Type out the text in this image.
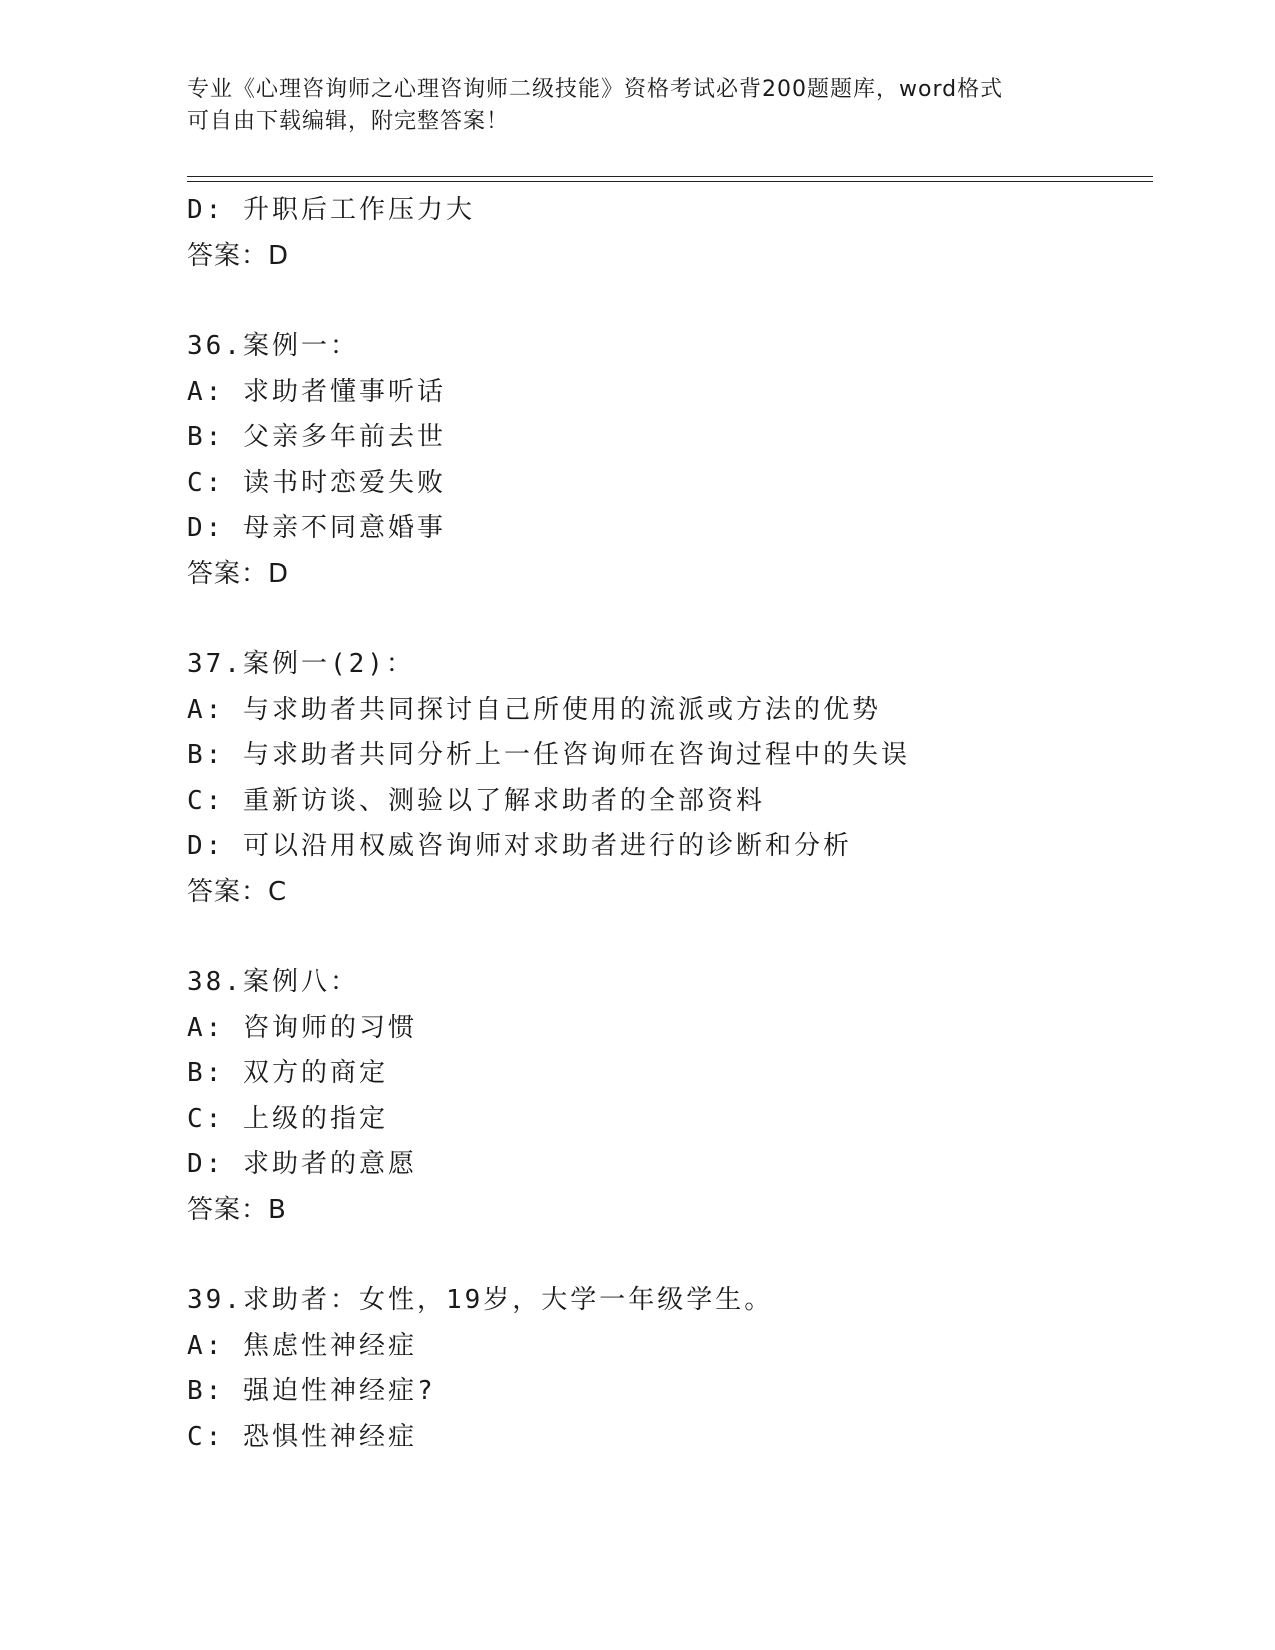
专业《心理咨询师之心理咨询师二级技能》资格考试必背200题题库，word格式
可自由下载编辑，附完整答案！
D: 升职后工作压力大
答案：D
36.案例一：
A: 求助者懂事听话
B: 父亲多年前去世
C: 读书时恋爱失败
D: 母亲不同意婚事
答案：D
37.案例一(2)：
A: 与求助者共同探讨自己所使用的流派或方法的优势
B: 与求助者共同分析上一任咨询师在咨询过程中的失误
C: 重新访谈、测验以了解求助者的全部资料
D: 可以沿用权威咨询师对求助者进行的诊断和分析
答案：C
38.案例八：
A: 咨询师的习惯
B: 双方的商定
C: 上级的指定
D: 求助者的意愿
答案：B
39.求助者：女性，19岁，大学一年级学生。
A: 焦虑性神经症
B: 强迫性神经症?
C: 恐惧性神经症
